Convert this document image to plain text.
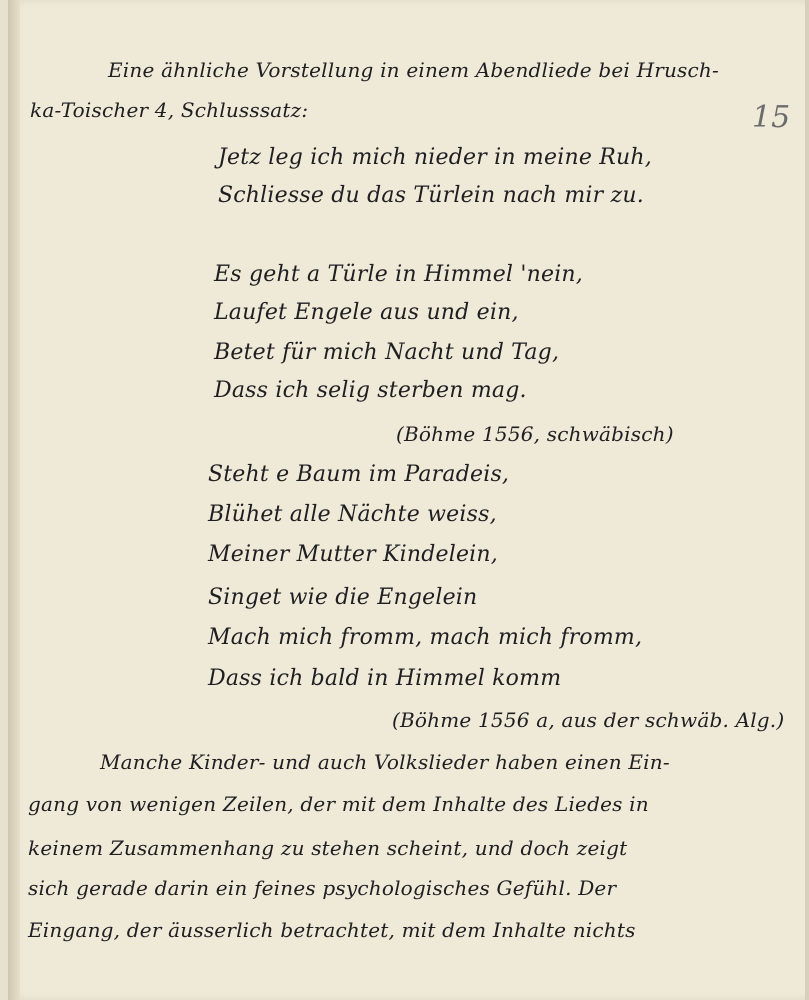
15
Eine ähnliche Vorstellung in einem Abendliede bei Hrusch-
ka-Toischer 4, Schlusssatz:
Jetz leg ich mich nieder in meine Ruh,
Schliesse du das Türlein nach mir zu.
Es geht a Türle in Himmel 'nein,
Laufet Engele aus und ein,
Betet für mich Nacht und Tag,
Dass ich selig sterben mag.
(Böhme 1556, schwäbisch)
Steht e Baum im Paradeis,
Blühet alle Nächte weiss,
Meiner Mutter Kindelein,
Singet wie die Engelein
Mach mich fromm, mach mich fromm,
Dass ich bald in Himmel komm
(Böhme 1556 a, aus der schwäb. Alg.)
Manche Kinder- und auch Volkslieder haben einen Ein-
gang von wenigen Zeilen, der mit dem Inhalte des Liedes in
keinem Zusammenhang zu stehen scheint, und doch zeigt
sich gerade darin ein feines psychologisches Gefühl. Der
Eingang, der äusserlich betrachtet, mit dem Inhalte nichts
